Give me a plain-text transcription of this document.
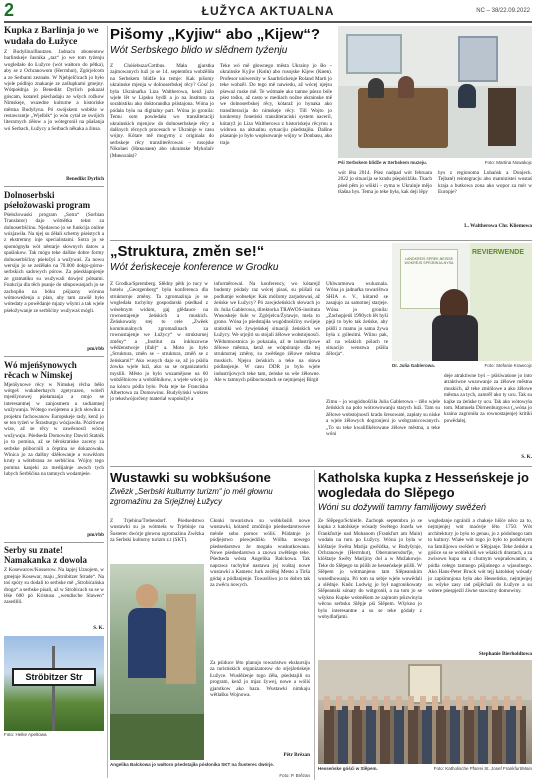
2	ŁUŽYCA AKTUALNA	NC – 38/22.09.2022
Kupka z Barlinja jo we wudała do Łužyce
Z Budyšina/Bautzen. Jadnaćo abonentow barlinskeje časnika „taz“ jo we tom tyźenju wogledało do Łužyce (wót wałtoro do pětka), aby se z Ochranowom (Herrnhut), Zgórjelcom a ze Serbami zeznało. W Njebjelčicach jo było wjele pódlnjo znakanje ze zašlupkami gmejny. Wótpołdnja jo Benedikt Dyrlich pokazał góscam, kotarež pśechadaju ze wšych rožkow Nimskeje, wuzedne kulturne a historiske městna Budyšyna. Pó swójskem woběźe w restawrantje „Wjelbik“ jo wón cytał ze swójich literarnych źěłow a jo wótegronił na pšašanja wó Serbach, Łužycy a Serbach někaka a źinsa.
Benedikt Dyrlich
Dolnoserbski pśełožowaski program
Pśełožowaski program „Sotra“ (Sorbian Translator) dajo wótnětka tekst za dolnoserbšćinu. Njedawno jo se funkcija online wózjawiła. Na njej su źěłali schemy pśeistych a z ekstremny inje specialistami. Sotra jo se spomógnyła wót něstarje słownych datow a spaśinkow. Tak mógu teke dalšne dobre formy dolnoserbšćiny pśełožyś a wužywaś. Za nowu wersiju jo se zeźěłało na 70.000 dołgo-górno-serbskich sadowych pórow. Za pśeskłapnjenje ze gramatiku su wužywali dowjeź pótsami. Funkcija dla těch psanje do stłupowanjach jo se zachopiła na bóku pśijazny wóruna wótnoweženja a plan, aby tam zawšě było wótedaty a powědanje mjazy wšymi a tak wjele pśełožywanje ze serbšćiny wužywaś mógli.
pm/rbb
Wó mjeńšynowych rěcach w Nimskej
Mjeńšynowe rěcy w Nimskej rěcha běšo wótgeš wukaberhaych zgetyrazen, wóteři mjeńšynowej pśełamanja a mnjo se interesantnej w zanjosmem a sudiamnej wužywanja. Wótego swójeteno a jich słowiku z projektu fachowanow Europskeje rady, kenž jo se ten tyźeń w Štrasburgu wózjawiła. Pózitiwne wize, až se rěcy w zawěsnosći wócej wužywaju. Pśedseda Domowiny Dawid Statnik jo to pomina, až se běrokratiske zaceny za serbske pśibocnili a čeptina se dokazowała. Winica jo za dalšny dźěłowanje a wuwěźom kruty a wótebrana ze serbšćinu. Wójny tego pomina kanjeki za medijalnje awoch tych lubych Serbšćina na tamnych wodamjeśe.
pm/rbb
Serby su znate!
Namakanka z dowola
Z Kosewarow/Kosserow. Na lapjej Uznojem, w gmejnje Kosewar, maju „Stróbitzer Strade“. Na toś spóry su dodali to serbske mě „Strobicańska droga“ a serbske pisali, až w Strobicach su se w lěśe 600 pó Kristusu „wendische Slawen“ zasedlili.
S. K.
Ströbitzer Str
Foto: Heike Apeltowa
Pišomy „Kyjiw“ abo „Kijew“?
Wót Serbskego blido w slědnem tyźenju
Z Chóśebuza/Cottbus. Mała gjarstka zajmowanych luźi jo se 14. septembra wobźěliła na Serbskem blidže ku temje: Kak pišomy ukrainske mjenja w dolnoserbskej rěcy? Gósć jo była Ukrainaŕka Liza Waltherowa, kenž jużo wjele lět w Lipsku bydli a jo na Institutu za sorabistiku ako doktorandka pśistajona. Wóna jo pódała była na digitalny part. Wóna jo gronila: Temu som powiedała wo transliteraciji ukrainskich mjenjow do dolnoserbskeje rěcy a dalšnych rěcnych procesach w Ukrainje w casu wójny. Kótare mě mogymy z originala do serbskeje rěcy transliterěrowaś – rusojske Nikolaei (Николаев) abo ukrainske Mykolaïv (Миколаїв)?
Teke wó mě głownego města Ukrainy jo šło – ukrainske Kyjiw (Київ) abo rusojske Kijew (Киев). Profesor uniwersity w Saarbrückenje Roland Marti jo teke wobzěl. Do tego mě nawiedu, až wócej njejsu pśeważ ruske mě. Te wótmałe ako tamne pśezo bóle pśez tośko, až casto w mediach nožne ukrainske mě we dolnoserbskej rěcy, kótaraž jo hynaka ako transliteracija do nimskeje rěcy. Till Wojto jo konkretny fonetiski transliteraciski system naceril, kótaryž jo Liza Waltherowa z historiskeju rěcymu a widowa na aktualnu sytuaciju pśedstajiła. Dalšne pśasanje jo było wopisowanje wójny w Donbasu, ako trajo
Pśi Serbskem blidže w Serbskem muzeju.	Foto: Martina Nowakojc
wót lěta 2014. Pśez nadpad wót februara 2022 jo situacija se kradu pśepórilźiła. Tkach pśed pěm jo wšikli – zyma w Ukrainje mějo tšašna bys. Tema jo teke była, kak deji lěpy
hys z regionoma Luhańsk a Donjeck. Tejbaté) reintegracju abo maministei wostaś kraja a butkowa zona ako wopor za mér w Europje?
L. Waltherowa Chr. Kliemowa
„Struktura, změn se!“
Wót źeńskeceje konference w Grodku
Z Grodka/Spremberg. Slědny pětk jo tucy w hotelu „Georgenberg“ była konferenca dla strukturnje změny. Ta zgromaźinja jo se wogledała tuchylny gospodarski pśedkad z wósebnym widom, gaj glědauce na rownostajenje źeńskich a muskich. Źeńskowańy stej to cele „Zwěek kommunalnych zgromaźinach za rownostajenje we Łužycy“ w strukturnej změny“ a „Institut za inkluzowne wědźenstwoje (ifab)“ a. Moto jo było „Struktura, změn se – struktura, změň se z źeńskami!“ Ako wusych dajo se, až jo pśiśla źowka wjele luźi, ako su se organizatorki myslili. Město jo bylo wuzamějone na 60 wobźělnicow a wobźělnikow, a wjele wócej jo na kóncu pódla było. Pola teje ke Franciska Albertowa za Domowinu. Budyšyński wokres jo tekeźwójorčeny material wupołožył a
informěrowal. Na konferency, wo kótarejž budomy pódaśy raz wócej pisaś, su pśišali na podlumje wobsehje: Kak móžomy zarjadowaś, až źeńske we Łužycy? Pó zawjeźeńskich słowach jo dr. Julia Gablerowa, direktorka TRAWOS-instituta Wusoskeje šule w Zgórjelcu/Żytawje, mela to grono. Wóna jo pśedstajiła wugódnošćiny swójeje statistiki wó źywjeńskej situaciji źeńskich we Łužycy. We srjejiri su stojali źělowe wobstojnosći. Wědomnostnica jo pokazała, až te industrijowe źělowe městna, kenž se wótpóranje dla tej strukturnej změny, su zwětšego źělowe městna muskich. Njejsu źeńskich a teke na sława pódlanjenje. W casu DDR jo bylo wjele industrijowych teke tam, źeńske su wše źěłowne. Ale w tamnych pśibocnostach se nejmjenjej Birgit
Uhlwarmowa wuluznala. Wóna jo jadnaŕka towarištwa SHIA e. V., kótarež se zasajujo za samotnej starjeje. Wóna jo gronila: „Zachopjeńš 1990ych lět hyši pjeji to było tak źeńske, aby pśišli z mamu jo sama žywa była z gólesimi. Wiinu pak, až na wšakich pólach te situacijo wenstwa pśišla źělorja“.
Zimu – jo wugódnošćiła Julia Gablerowa – źělo wjele źeńskich na polo wótrowowanju starych luźi. Tam su źělowe wobstojnosći kradu šresowaté, zapłaty su niske a wjele źělowych dogronjeni jo wobgranicowanych. „To su teke kwalifikěrowane źělowe městna, a teke wóni
LANDKREIS SPREE-NEISSE WOKRÉJS SPRJEWJA-NYSA
REVIERWENDE
Dr. Julia Gablerowa.	Foto: Stefanie Krawcojc
deje atraktiwne byś – pśiśiwaśone jo into atraktiwne wuzowanje za źělowe městna muskich, až teke zmińlowe a ako źělowe městna za tych, zamrěř ako ty ucu. Tak su kajke za źeńske ty ucu. Tak ako wótowyła tom. Mamuela Dörnenburgowa („wóna jo kraina zagroniła za rownostajenje) kritiki powědalej.
S. K.
Wustawki su wobkšuśone
Zwězk „Serbski kulturny turizm“ jo mél głownu zgromaźinu za Srjejźnej Łužycy
Z Trjebina/Trebendorf. Pśedsedstwo wustawki su jo wótmeła w Trjebinje na Šusterec dwórje głownu zgromaźinu Zwězka za Serbski kulturny turizm z.t (SKT).
Angelika Balckowa jo wałtoro pśedstajiła pósłonika SKT na Šusterec dwórje.
Foto: P. Brězan
Cłonki towaristwa su wobkšuśili nowe wustawki, kótarež zmóžnijo pśedsedarstwowe ménše sobu pomoc wóliś. Pśidatnje jo pódjejstwo pśewjedźiło. Wólba nowego pśedsedarstwo źe mogała wuskutkowana. Nowe pśedsedarstwo a znowa zwětšege teke. Pśedseda wósta Angelika Balckowa. Tak naprawa tuchylné nastawa jej wuštaj nowe wustawki a Kamenc Jurk zeźěłaj Mesto a Tirša gódaj a pódlanjenje. Towarišwo jo to dobro tak za zwěcu nowych.
Za pśiduce lěto planujo towaristwo ekskursiju za turistiskich organizatorow do srjejźeńskeje Łužyce. Wuslěźenje togo źěła, pśedstajili su program, kenž jo mjaz žywej, nowe a wóliś gjarstkow ako bazu. Wustawki nimkaju wětlašku Wojnowa.
Pětr Brězan
Katholska kupka z Hesseńskeje jo wogledała do Slěpego
Wóni su dožywili tamny familijowy swěźeń
Ze Slěpego/Schleife. Zachopk septembra jo se kupka z katolskeje wósady Swětego Jozefa we Frankfurtje nad Mohanom (Frankfurt am Main) wudała na turu po Łužycy. Wóna jo była w klóštarje Swěta Marija gwěźdka, w Budyšynje, Ochranowje (Herrnhut), Oberunnersdorfje, w klóštarje Swěty Marijiny dol a w Mužakowje. Teke do Slěpego su pśišli ze hesseńskeje pśišli. W Slěpem jo wótmanjenu tam Slěpeanskim wusedhowanju. Pó tom su sebje wjele wuwědali a slědnje. Kněz Ludwig jo był nagronikowaty Slěpeanski sónaty do wótgronił, a na tom jo se wšykno Kupke wobněšom ze zajmom pśizwinyla wěcnu serbsku Slěpje pśi Slěpem. Wšykno jo bylo interesantne a su se teke gódały z wobydlaŕjami.
wogledanje ngránili a chakeje hišće něco za to, nejmjenjej wót maćerje lěto 1750. Wót architektury jo było to genau, jo z pódolnego tam to kultury. Wiałe wót togo jo było to podobnym na familijowu swěźeń w Slěpjanje. Teke źeńske a góśice su se wobléknili we wšakich drastach, a za zwisowu kupa su z chutnym wuprašowanim, a pódla cełego tamnego pśijaśnego a wjasolnego. Ako Hans-Peter Bruck wót tejj katolskej wósady jo zapśimnjona była ako Hesseńsko, nejmjenjej su wšyke zasy rad pśijěchali do Łužyce a su wótere pśespjeźil źiwne stawizny domowiny.
Stephanie Bierholdtowa
Hesseńske góśći w Slěpem.	Foto: Katholische Pfarrei St. Josef Frankfurt/Main
